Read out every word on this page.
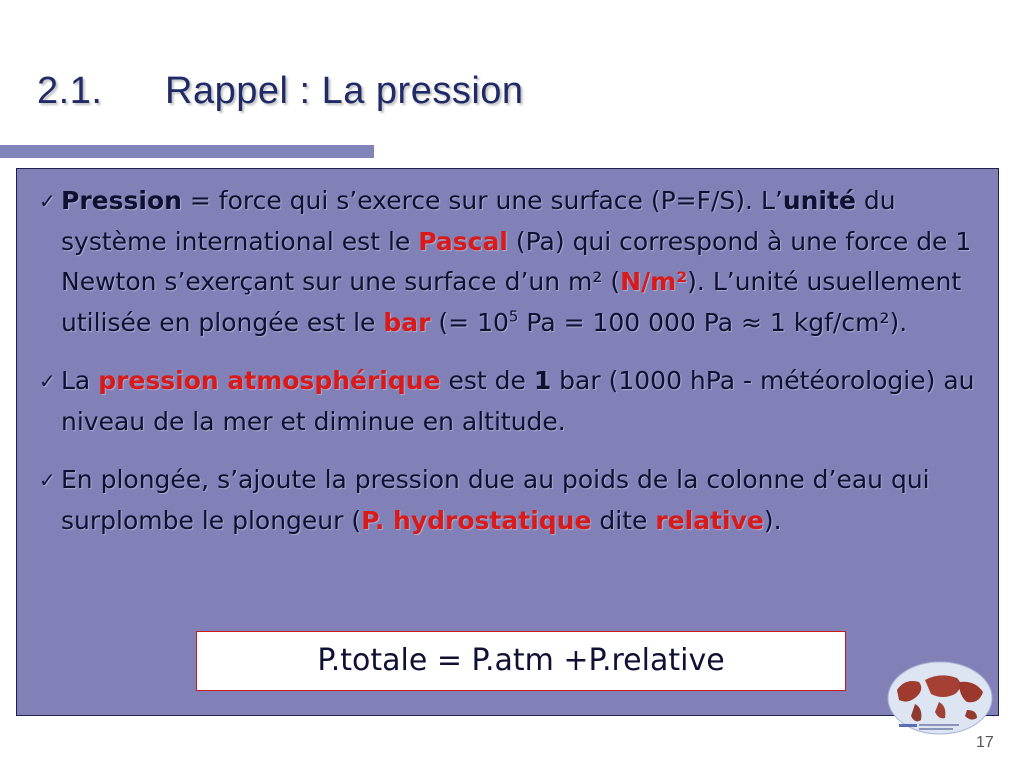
2.1. Rappel : La pression
✓ Pression = force qui s’exerce sur une surface (P=F/S). L’unité du système international est le Pascal (Pa) qui correspond à une force de 1 Newton s’exerçant sur une surface d’un m² (N/m²). L’unité usuellement utilisée en plongée est le bar (= $10^5$ Pa = 100 000 Pa ≈ 1 kgf/cm²).
✓ La pression atmosphérique est de 1 bar (1000 hPa - météorologie) au niveau de la mer et diminue en altitude.
✓ En plongée, s’ajoute la pression due au poids de la colonne d’eau qui surplombe le plongeur (P. hydrostatique dite relative).
P.totale = P.atm +P.relative
17
